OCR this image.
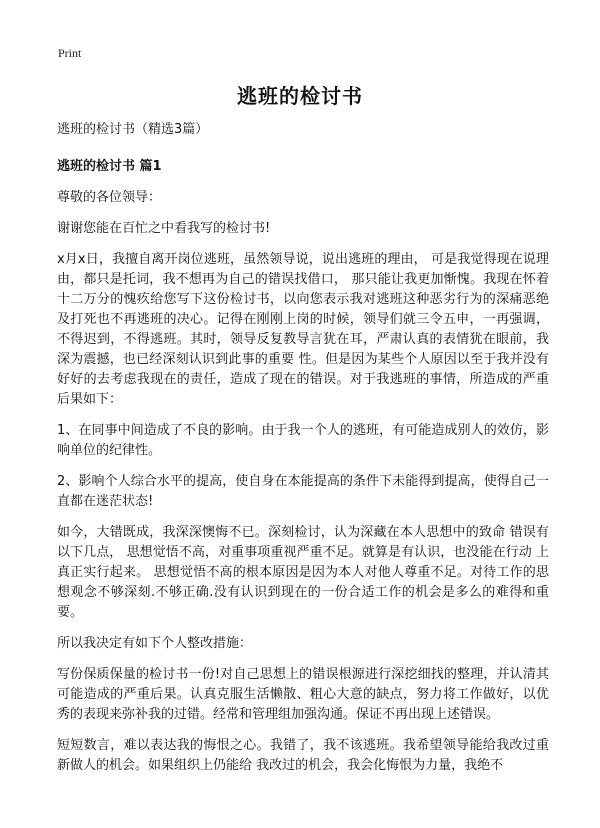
Print
逃班的检讨书

逃班的检讨书（精选3篇）

逃班的检讨书 篇1

尊敬的各位领导：

谢谢您能在百忙之中看我写的检讨书!

x月x日，我擅自离开岗位逃班，虽然领导说，说出逃班的理由， 可是我觉得现在说理由，都只是托词，我不想再为自己的错误找借口， 那只能让我更加惭愧。我现在怀着十二万分的愧疚给您写下这份检讨书，以向您表示我对逃班这种恶劣行为的深痛恶绝及打死也不再逃班的决心。记得在刚刚上岗的时候，领导们就三令五申，一再强调，不得迟到，不得逃班。其时，领导反复教导言犹在耳，严肃认真的表情犹在眼前，我深为震撼，也已经深刻认识到此事的重要 性。但是因为某些个人原因以至于我并没有好好的去考虑我现在的责任，造成了现在的错误。对于我逃班的事情，所造成的严重后果如下：

1、在同事中间造成了不良的影响。由于我一个人的逃班，有可能造成别人的效仿，影响单位的纪律性。

2、影响个人综合水平的提高，使自身在本能提高的条件下未能得到提高，使得自己一直都在迷茫状态!

如今，大错既成，我深深懊悔不已。深刻检讨，认为深藏在本人思想中的致命 错误有以下几点， 思想觉悟不高，对重事项重视严重不足。就算是有认识，也没能在行动 上真正实行起来。 思想觉悟不高的根本原因是因为本人对他人尊重不足。对待工作的思想观念不够深刻.不够正确.没有认识到现在的一份合适工作的机会是多么的难得和重要。

所以我决定有如下个人整改措施：

写份保质保量的检讨书一份!对自己思想上的错误根源进行深挖细找的整理，并认清其可能造成的严重后果。认真克服生活懒散、粗心大意的缺点，努力将工作做好，以优秀的表现来弥补我的过错。经常和管理组加强沟通。保证不再出现上述错误。

短短数言，难以表达我的悔恨之心。我错了，我不该逃班。我希望领导能给我改过重新做人的机会。如果组织上仍能给 我改过的机会，我会化悔恨为力量，我绝不
